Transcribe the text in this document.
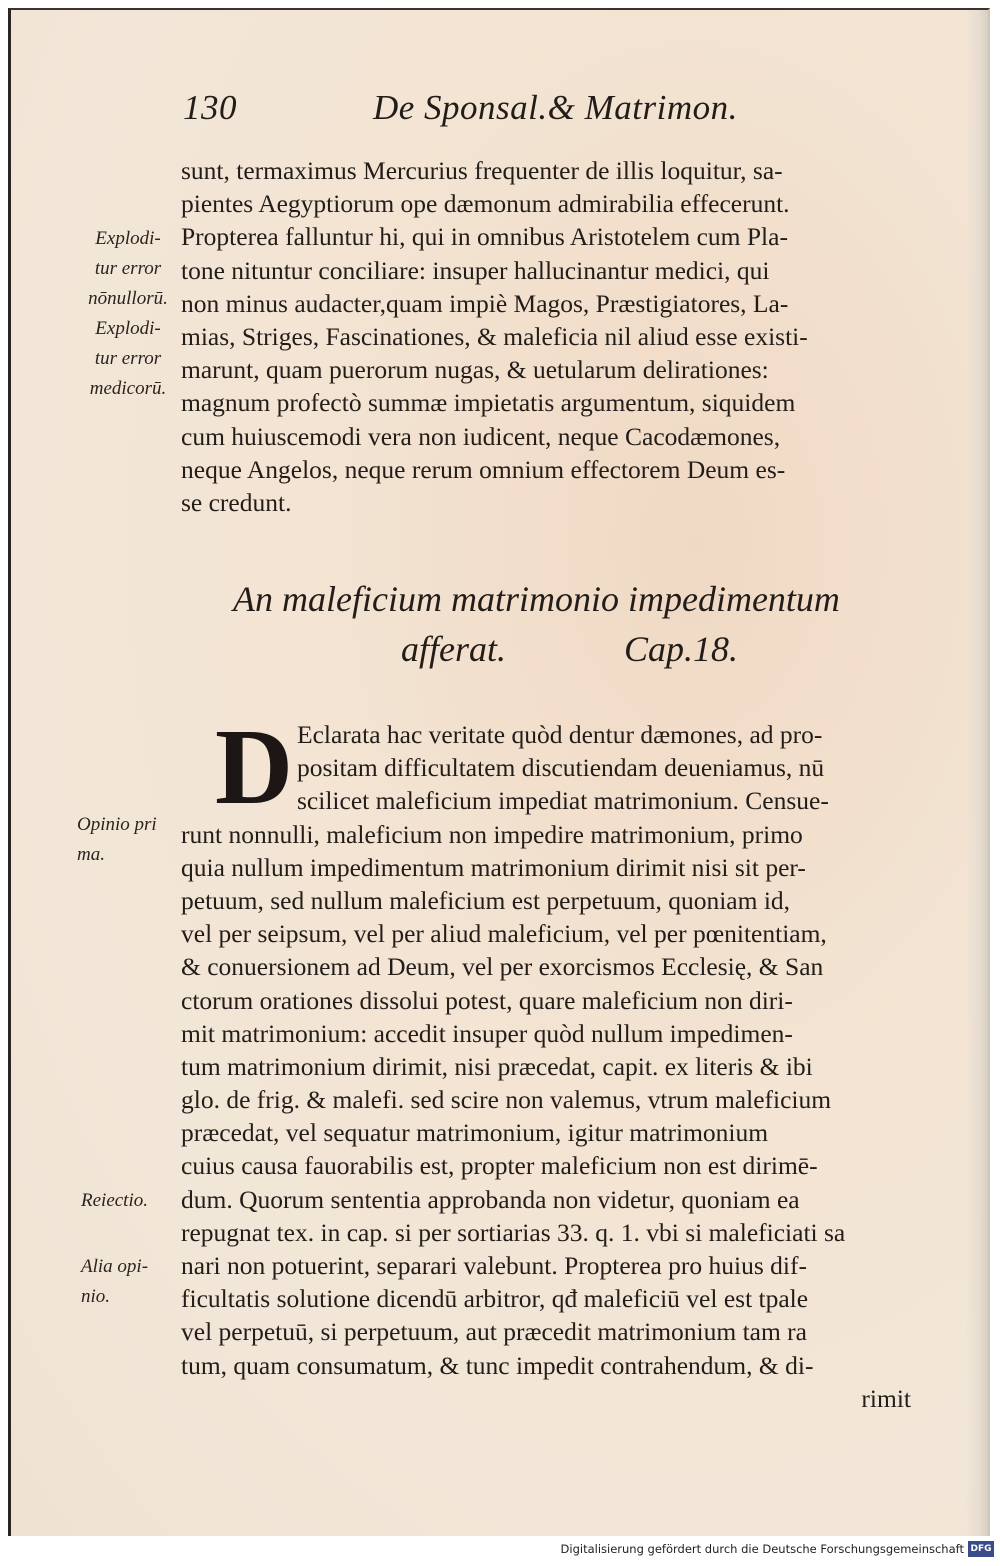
130	De Sponsal.& Matrimon.
sunt, termaximus Mercurius frequenter de illis loquitur, sa-
pientes Aegyptiorum ope dæmonum admirabilia effecerunt.
Propterea falluntur hi, qui in omnibus Aristotelem cum Pla-
tone nituntur conciliare: insuper hallucinantur medici, qui
non minus audacter,quam impiè Magos, Præstigiatores, La-
mias, Striges, Fascinationes, & maleficia nil aliud esse existi-
marunt, quam puerorum nugas, & uetularum delirationes:
magnum profectò summæ impietatis argumentum, siquidem
cum huiuscemodi vera non iudicent, neque Cacodæmones,
neque Angelos, neque rerum omnium effectorem Deum es-
se credunt.
An maleficium matrimonio impedimentum
afferat.	Cap.18.
D Eclarata hac veritate quòd dentur dæmones, ad pro-
positam difficultatem discutiendam deueniamus, nū
scilicet maleficium impediat matrimonium. Censue-
runt nonnulli, maleficium non impedire matrimonium, primo
quia nullum impedimentum matrimonium dirimit nisi sit per-
petuum, sed nullum maleficium est perpetuum, quoniam id,
vel per seipsum, vel per aliud maleficium, vel per pœnitentiam,
& conuersionem ad Deum, vel per exorcismos Ecclesię, & San
ctorum orationes dissolui potest, quare maleficium non diri-
mit matrimonium: accedit insuper quòd nullum impedimen-
tum matrimonium dirimit, nisi præcedat, capit. ex literis & ibi
glo. de frig. & malefi. sed scire non valemus, vtrum maleficium
præcedat, vel sequatur matrimonium, igitur matrimonium
cuius causa fauorabilis est, propter maleficium non est dirimē-
dum. Quorum sententia approbanda non videtur, quoniam ea
repugnat tex. in cap. si per sortiarias 33. q. 1. vbi si maleficiati sa
nari non potuerint, separari valebunt. Propterea pro huius dif-
ficultatis solutione dicendū arbitror, qđ maleficiū vel est tpale
vel perpetuū, si perpetuum, aut præcedit matrimonium tam ra
tum, quam consumatum, & tunc impedit contrahendum, & di-
rimit
Explodi-
tur error
nōnullorū.
Explodi-
tur error
medicorū.
Opinio pri
ma.
Reiectio.
Alia opi-
nio.
Digitalisierung gefördert durch die Deutsche Forschungsgemeinschaft DFG
